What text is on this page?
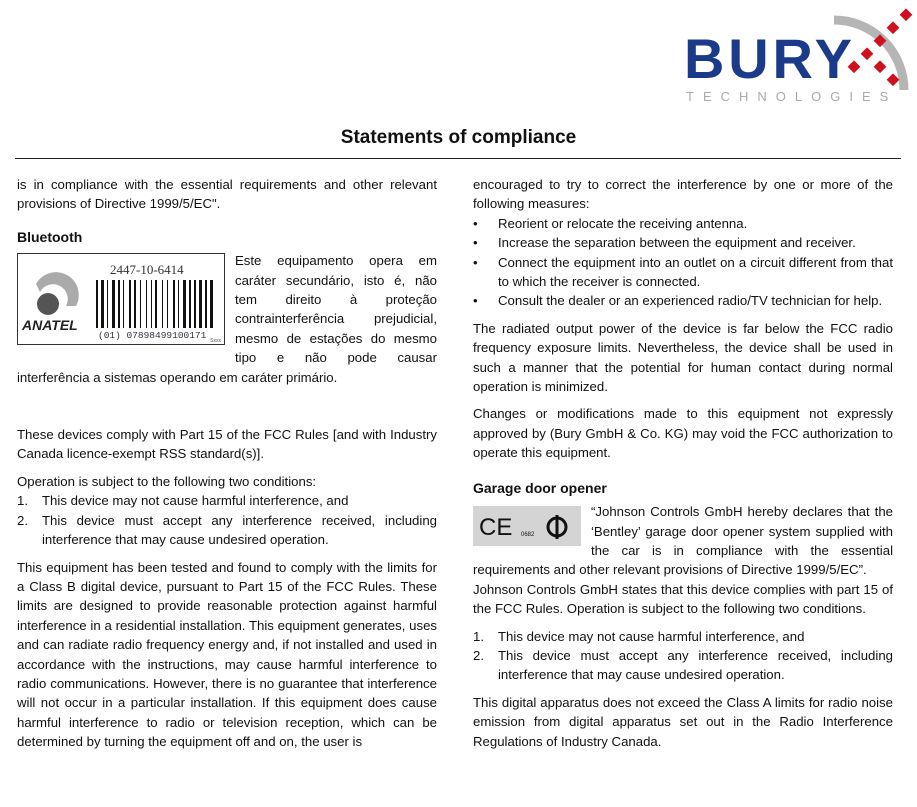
BURY
TECHNOLOGIES
Statements of compliance

is in compliance with the essential requirements and other relevant provisions of Directive 1999/5/EC".

Bluetooth
ANATEL
2447-10-6414
(01) 07898499100171 Sxxx

Este equipamento opera em caráter secundário, isto é, não tem direito à proteção contrainterferência prejudicial, mesmo de estações do mesmo tipo e não pode causar interferência a sistemas operando em caráter primário.

These devices comply with Part 15 of the FCC Rules [and with Industry Canada licence-exempt RSS standard(s)].

Operation is subject to the following two conditions:

1. This device may not cause harmful interference, and
2. This device must accept any interference received, including interference that may cause undesired operation.

This equipment has been tested and found to comply with the limits for a Class B digital device, pursuant to Part 15 of the FCC Rules. These limits are designed to provide reasonable protection against harmful interference in a residential installation. This equipment generates, uses and can radiate radio frequency energy and, if not installed and used in accordance with the instructions, may cause harmful interference to radio communications. However, there is no guarantee that interference will not occur in a particular installation. If this equipment does cause harmful interference to radio or television reception, which can be determined by turning the equipment off and on, the user is

encouraged to try to correct the interference by one or more of the following measures:

• Reorient or relocate the receiving antenna.
• Increase the separation between the equipment and receiver.
• Connect the equipment into an outlet on a circuit different from that to which the receiver is connected.
• Consult the dealer or an experienced radio/TV technician for help.

The radiated output power of the device is far below the FCC radio frequency exposure limits. Nevertheless, the device shall be used in such a manner that the potential for human contact during normal operation is minimized.

Changes or modifications made to this equipment not expressly approved by (Bury GmbH & Co. KG) may void the FCC authorization to operate this equipment.

Garage door opener
CE 0682

“Johnson Controls GmbH hereby declares that the ‘Bentley’ garage door opener system supplied with the car is in compliance with the essential requirements and other relevant provisions of Directive 1999/5/EC”.

Johnson Controls GmbH states that this device complies with part 15 of the FCC Rules. Operation is subject to the following two conditions.

1. This device may not cause harmful interference, and
2. This device must accept any interference received, including interference that may cause undesired operation.

This digital apparatus does not exceed the Class A limits for radio noise emission from digital apparatus set out in the Radio Interference Regulations of Industry Canada.
